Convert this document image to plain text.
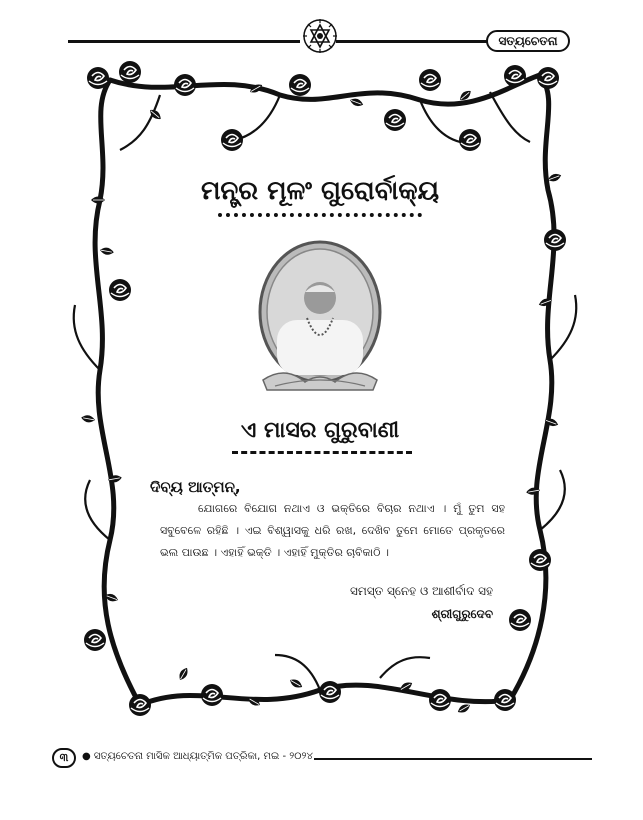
ସତ୍ୟଚେତନା
ମନ୍ତ୍ର ମୂଳଂ ଗୁରୋର୍ବାକ୍ୟ
ଏ ମାସର ଗୁରୁବାଣୀ
ଦିବ୍ୟ ଆତ୍ମନ୍,
ଯୋଗରେ ବିଯୋଗ ନଥାଏ ଓ ଭକ୍ତିରେ ବିଚାର ନଥାଏ । ମୁଁ ତୁମ ସହ ସବୁବେଳେ ରହିଛି । ଏଇ ବିଶ୍ୱାସକୁ ଧରି ରଖ, ଦେଖିବ ତୁମେ ମୋତେ ପ୍ରକୃତରେ ଭଲ ପାଉଛ । ଏହାହିଁ ଭକ୍ତି । ଏହାହିଁ ମୁକ୍ତିର ଚାବିକାଠି ।
ସମସ୍ତ ସ୍ନେହ ଓ ଆଶୀର୍ବାଦ ସହ
ଶ୍ରୀଗୁରୁଦେବ
୩	● ସତ୍ୟଚେତନା ମାସିକ ଆଧ୍ୟାତ୍ମିକ ପତ୍ରିକା, ମଇ - ୨୦୨୪
